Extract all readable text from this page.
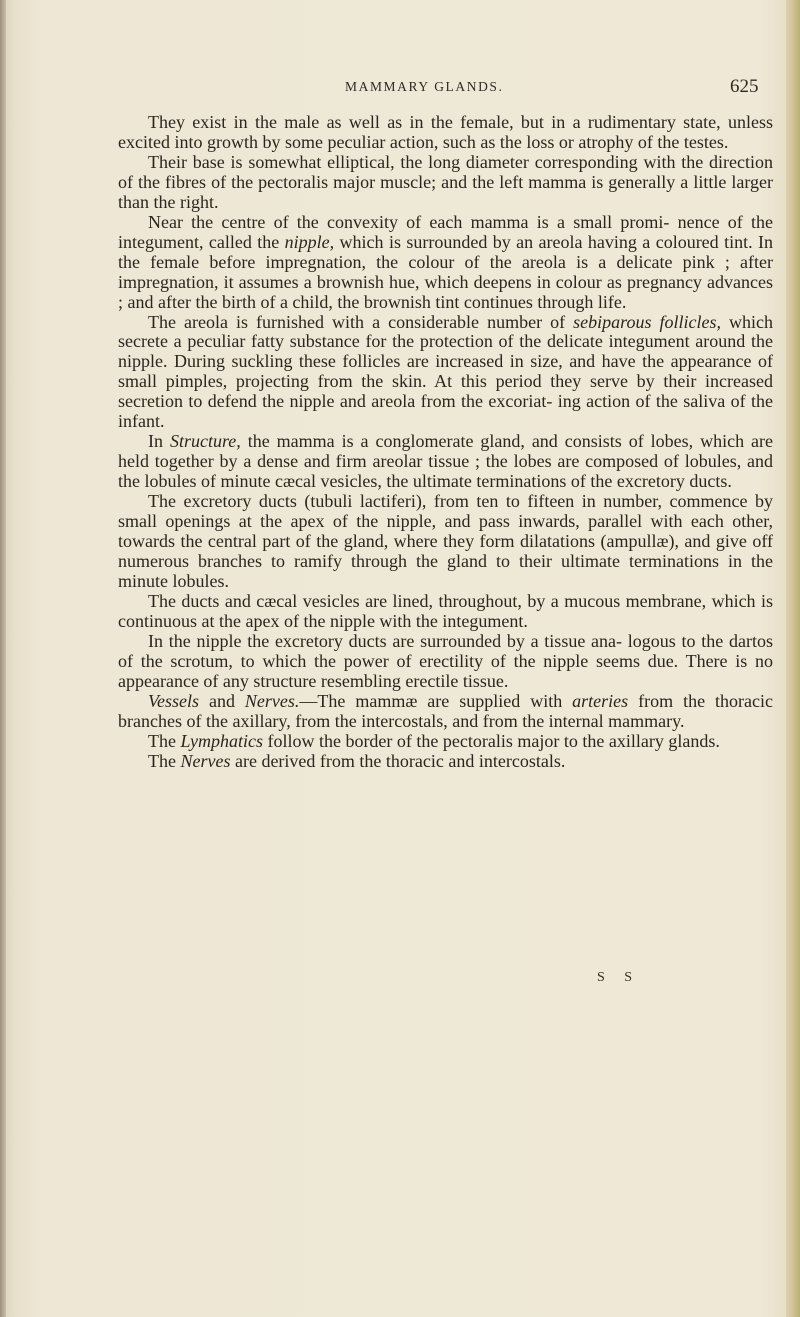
MAMMARY GLANDS.	625

They exist in the male as well as in the female, but in a rudimentary state, unless excited into growth by some peculiar action, such as the loss or atrophy of the testes.

Their base is somewhat elliptical, the long diameter corresponding with the direction of the fibres of the pectoralis major muscle; and the left mamma is generally a little larger than the right.

Near the centre of the convexity of each mamma is a small promi- nence of the integument, called the nipple, which is surrounded by an areola having a coloured tint. In the female before impregnation, the colour of the areola is a delicate pink ; after impregnation, it assumes a brownish hue, which deepens in colour as pregnancy advances ; and after the birth of a child, the brownish tint continues through life.

The areola is furnished with a considerable number of sebiparous follicles, which secrete a peculiar fatty substance for the protection of the delicate integument around the nipple. During suckling these follicles are increased in size, and have the appearance of small pimples, projecting from the skin. At this period they serve by their increased secretion to defend the nipple and areola from the excoriat- ing action of the saliva of the infant.

In Structure, the mamma is a conglomerate gland, and consists of lobes, which are held together by a dense and firm areolar tissue ; the lobes are composed of lobules, and the lobules of minute cæcal vesicles, the ultimate terminations of the excretory ducts.

The excretory ducts (tubuli lactiferi), from ten to fifteen in number, commence by small openings at the apex of the nipple, and pass inwards, parallel with each other, towards the central part of the gland, where they form dilatations (ampullæ), and give off numerous branches to ramify through the gland to their ultimate terminations in the minute lobules.

The ducts and cæcal vesicles are lined, throughout, by a mucous membrane, which is continuous at the apex of the nipple with the integument.

In the nipple the excretory ducts are surrounded by a tissue ana- logous to the dartos of the scrotum, to which the power of erectility of the nipple seems due. There is no appearance of any structure resembling erectile tissue.

Vessels and Nerves.—The mammæ are supplied with arteries from the thoracic branches of the axillary, from the intercostals, and from the internal mammary.

The Lymphatics follow the border of the pectoralis major to the axillary glands.

The Nerves are derived from the thoracic and intercostals.

S S
